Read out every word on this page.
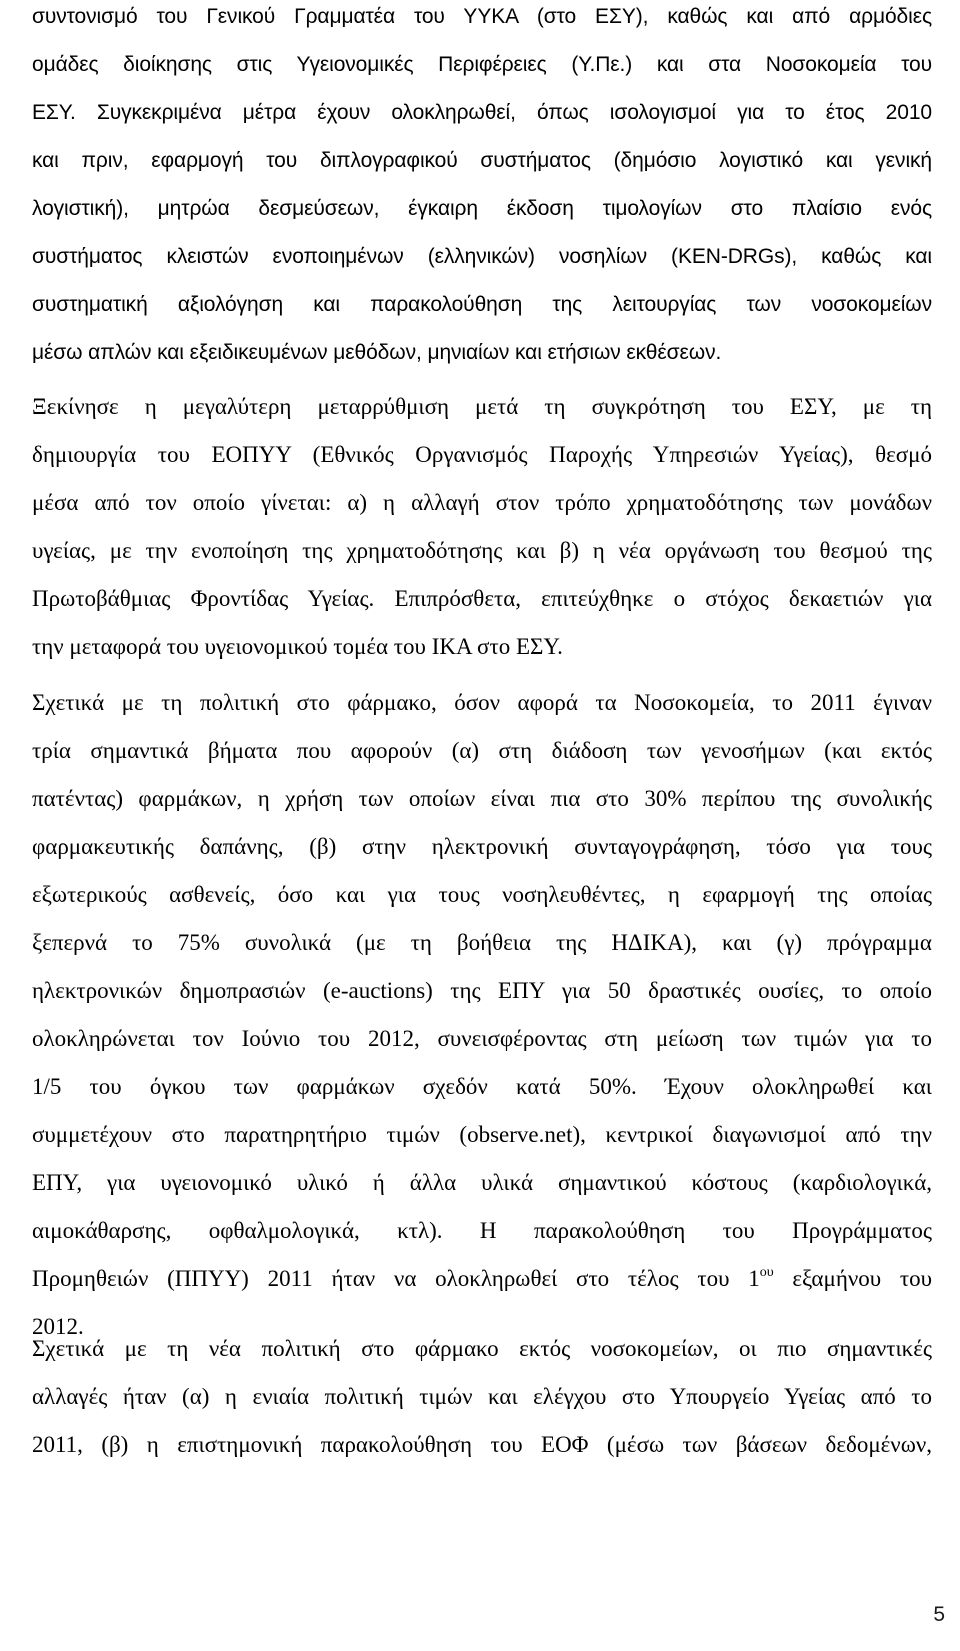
συντονισμό του Γενικού Γραμματέα του ΥΥΚΑ (στο ΕΣΥ), καθώς και από αρμόδιες
ομάδες διοίκησης στις Υγειονομικές Περιφέρειες (Υ.Πε.) και στα Νοσοκομεία του
ΕΣΥ. Συγκεκριμένα μέτρα έχουν ολοκληρωθεί, όπως ισολογισμοί για το έτος 2010
και πριν, εφαρμογή του διπλογραφικού συστήματος (δημόσιο λογιστικό και γενική
λογιστική), μητρώα δεσμεύσεων, έγκαιρη έκδοση τιμολογίων στο πλαίσιο ενός
συστήματος κλειστών ενοποιημένων (ελληνικών) νοσηλίων (KEN-DRGs), καθώς και
συστηματική αξιολόγηση και παρακολούθηση της λειτουργίας των νοσοκομείων
μέσω απλών και εξειδικευμένων μεθόδων, μηνιαίων και ετήσιων εκθέσεων.
Ξεκίνησε η μεγαλύτερη μεταρρύθμιση μετά τη συγκρότηση του ΕΣΥ, με τη
δημιουργία του ΕΟΠΥΥ (Εθνικός Οργανισμός Παροχής Υπηρεσιών Υγείας), θεσμό
μέσα από τον οποίο γίνεται: α) η αλλαγή στον τρόπο χρηματοδότησης των μονάδων
υγείας, με την ενοποίηση της χρηματοδότησης και β) η νέα οργάνωση του θεσμού της
Πρωτοβάθμιας Φροντίδας Υγείας. Επιπρόσθετα, επιτεύχθηκε ο στόχος δεκαετιών για
την μεταφορά του υγειονομικού τομέα του ΙΚΑ στο ΕΣΥ.
Σχετικά με τη πολιτική στο φάρμακο, όσον αφορά τα Νοσοκομεία, το 2011 έγιναν
τρία σημαντικά βήματα που αφορούν (α) στη διάδοση των γενοσήμων (και εκτός
πατέντας) φαρμάκων, η χρήση των οποίων είναι πια στο 30% περίπου της συνολικής
φαρμακευτικής δαπάνης, (β) στην ηλεκτρονική συνταγογράφηση, τόσο για τους
εξωτερικούς ασθενείς, όσο και για τους νοσηλευθέντες, η εφαρμογή της οποίας
ξεπερνά το 75% συνολικά (με τη βοήθεια της ΗΔΙΚΑ), και (γ) πρόγραμμα
ηλεκτρονικών δημοπρασιών (e-auctions) της ΕΠΥ για 50 δραστικές ουσίες, το οποίο
ολοκληρώνεται τον Ιούνιο του 2012, συνεισφέροντας στη μείωση των τιμών για το
1/5 του όγκου των φαρμάκων σχεδόν κατά 50%. Έχουν ολοκληρωθεί και
συμμετέχουν στο παρατηρητήριο τιμών (observe.net), κεντρικοί διαγωνισμοί από την
ΕΠΥ, για υγειονομικό υλικό ή άλλα υλικά σημαντικού κόστους (καρδιολογικά,
αιμοκάθαρσης, οφθαλμολογικά, κτλ). Η παρακολούθηση του Προγράμματος
Προμηθειών (ΠΠΥΥ) 2011 ήταν να ολοκληρωθεί στο τέλος του $1^{o\upsilon}$ εξαμήνου του
2012.
Σχετικά με τη νέα πολιτική στο φάρμακο εκτός νοσοκομείων, οι πιο σημαντικές
αλλαγές ήταν (α) η ενιαία πολιτική τιμών και ελέγχου στο Υπουργείο Υγείας από το
2011, (β) η επιστημονική παρακολούθηση του ΕΟΦ (μέσω των βάσεων δεδομένων,
5
